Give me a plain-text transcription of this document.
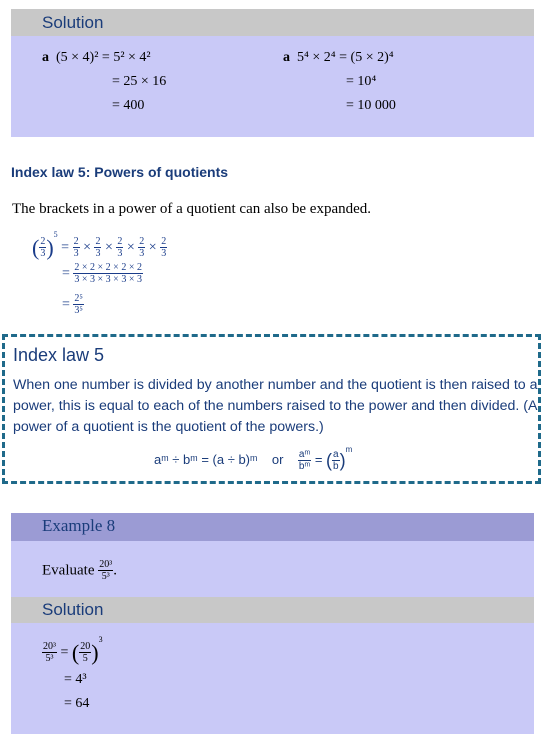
Solution
a (5 × 4)² = 5² × 4²
= 25 × 16
= 400
a 5⁴ × 2⁴ = (5 × 2)⁴
= 10⁴
= 10 000
Index law 5: Powers of quotients
The brackets in a power of a quotient can also be expanded.
( $\frac{2}{3} )^5 = \frac{2}{3} \times \frac{2}{3} \times \frac{2}{3} \times \frac{2}{3} \times \frac{2}{3}$
= $\frac{2 \times 2 \times 2 \times 2 \times 2}{3 \times 3 \times 3 \times 3 \times 3}$
= $\frac{\text{2⁵}}{\text{3⁵}}$
Index law 5
When one number is divided by another number and the quotient is then raised to a power, this is equal to each of the numbers raised to the power and then divided. (A power of a quotient is the quotient of the powers.)
aᵐ ÷ bᵐ = (a ÷ b)ᵐ or $\frac{\text{aᵐ}}{\text{bᵐ}}$ = ( $\frac{a}{b} )^m$
Example 8
Evaluate $\frac{\text{20³}}{\text{5³}}$ .
Solution
$\frac{\text{20³}}{\text{5³}}$ = ( $\frac{20}{5} )^3$
= 4³
= 64
